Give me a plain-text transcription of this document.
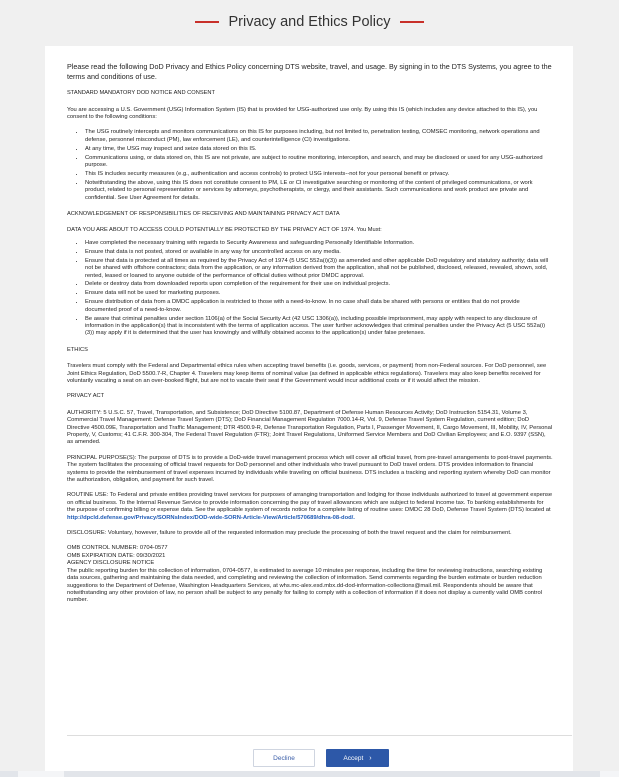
Privacy and Ethics Policy

Please read the following DoD Privacy and Ethics Policy concerning DTS website, travel, and usage. By signing in to the DTS Systems, you agree to the terms and conditions of use.

STANDARD MANDATORY DOD NOTICE AND CONSENT

You are accessing a U.S. Government (USG) Information System (IS) that is provided for USG-authorized use only. By using this IS (which includes any device attached to this IS), you consent to the following conditions:

• The USG routinely intercepts and monitors communications on this IS for purposes including, but not limited to, penetration testing, COMSEC monitoring, network operations and defense, personnel misconduct (PM), law enforcement (LE), and counterintelligence (CI) investigations.
• At any time, the USG may inspect and seize data stored on this IS.
• Communications using, or data stored on, this IS are not private, are subject to routine monitoring, interception, and search, and may be disclosed or used for any USG-authorized purpose.
• This IS includes security measures (e.g., authentication and access controls) to protect USG interests--not for your personal benefit or privacy.
• Notwithstanding the above, using this IS does not constitute consent to PM, LE or CI investigative searching or monitoring of the content of privileged communications, or work product, related to personal representation or services by attorneys, psychotherapists, or clergy, and their assistants. Such communications and work product are private and confidential. See User Agreement for details.
ACKNOWLEDGEMENT OF RESPONSIBILITIES OF RECEIVING AND MAINTAINING PRIVACY ACT DATA
DATA YOU ARE ABOUT TO ACCESS COULD POTENTIALLY BE PROTECTED BY THE PRIVACY ACT OF 1974. You Must:
• Have completed the necessary training with regards to Security Awareness and safeguarding Personally Identifiable Information.
• Ensure that data is not posted, stored or available in any way for uncontrolled access on any media.
• Ensure that data is protected at all times as required by the Privacy Act of 1974 (5 USC 552a(i)(3)) as amended and other applicable DoD regulatory and statutory authority; data will not be shared with offshore contractors; data from the application, or any information derived from the application, shall not be published, disclosed, released, revealed, shown, sold, rented, leased or loaned to anyone outside of the performance of official duties without prior DMDC approval.
• Delete or destroy data from downloaded reports upon completion of the requirement for their use on individual projects.
• Ensure data will not be used for marketing purposes.
• Ensure distribution of data from a DMDC application is restricted to those with a need-to-know. In no case shall data be shared with persons or entities that do not provide documented proof of a need-to-know.
• Be aware that criminal penalties under section 1106(a) of the Social Security Act (42 USC 1306(a)), including possible imprisonment, may apply with respect to any disclosure of information in the application(s) that is inconsistent with the terms of application access. The user further acknowledges that criminal penalties under the Privacy Act (5 USC 552a(i)(3)) may apply if it is determined that the user has knowingly and willfully obtained access to the application(s) under false pretenses.
ETHICS

Travelers must comply with the Federal and Departmental ethics rules when accepting travel benefits (i.e. goods, services, or payment) from non-Federal sources. For DoD personnel, see Joint Ethics Regulation, DoD 5500.7-R, Chapter 4. Travelers may keep items of nominal value (as defined in applicable ethics regulations). Travelers may also keep benefits received for voluntarily vacating a seat on an over-booked flight, but are not to vacate their seat if the Government would incur additional costs or if it would affect the mission.

PRIVACY ACT

AUTHORITY: 5 U.S.C. 57, Travel, Transportation, and Subsistence; DoD Directive 5100.87, Department of Defense Human Resources Activity; DoD Instruction 5154.31, Volume 3, Commercial Travel Management: Defense Travel System (DTS); DoD Financial Management Regulation 7000.14-R, Vol. 9, Defense Travel System Regulation, current edition; DoD Directive 4500.09E, Transportation and Traffic Management; DTR 4500.9-R, Defense Transportation Regulation, Parts I, Passenger Movement, II, Cargo Movement, III, Mobility, IV, Personal Property, V, Customs; 41 C.F.R. 300-304, The Federal Travel Regulation (FTR); Joint Travel Regulations, Uniformed Service Members and DoD Civilian Employees; and E.O. 9397 (SSN), as amended.

PRINCIPAL PURPOSE(S): The purpose of DTS is to provide a DoD-wide travel management process which will cover all official travel, from pre-travel arrangements to post-travel payments. The system facilitates the processing of official travel requests for DoD personnel and other individuals who travel pursuant to DoD travel orders. DTS provides information to financial systems to provide the reimbursement of travel expenses incurred by individuals while traveling on official business. DTS includes a tracking and reporting system whereby DoD can monitor the authorization, obligation, and payment for such travel.

ROUTINE USE: To Federal and private entities providing travel services for purposes of arranging transportation and lodging for those individuals authorized to travel at government expense on official business. To the Internal Revenue Service to provide information concerning the pay of travel allowances which are subject to federal income tax. To banking establishments for the purpose of confirming billing or expense data. See the applicable system of records notice for a complete listing of routine uses: DMDC 28 DoD, Defense Travel System (DTS) located at http://dpcld.defense.gov/Privacy/SORNsIndex/DOD-wide-SORN-Article-View/Article/570689/dhra-08-dod/.

DISCLOSURE: Voluntary, however, failure to provide all of the requested information may preclude the processing of both the travel request and the claim for reimbursement.

OMB CONTROL NUMBER: 0704-0577
OMB EXPIRATION DATE: 09/30/2021
AGENCY DISCLOSURE NOTICE
The public reporting burden for this collection of information, 0704-0577, is estimated to average 10 minutes per response, including the time for reviewing instructions, searching existing data sources, gathering and maintaining the data needed, and completing and reviewing the collection of information. Send comments regarding the burden estimate or burden reduction suggestions to the Department of Defense, Washington Headquarters Services, at whs.mc-alex.esd.mbx.dd-dod-information-collections@mail.mil. Respondents should be aware that notwithstanding any other provision of law, no person shall be subject to any penalty for failing to comply with a collection of information if it does not display a currently valid OMB control number.
Decline	Accept ›
